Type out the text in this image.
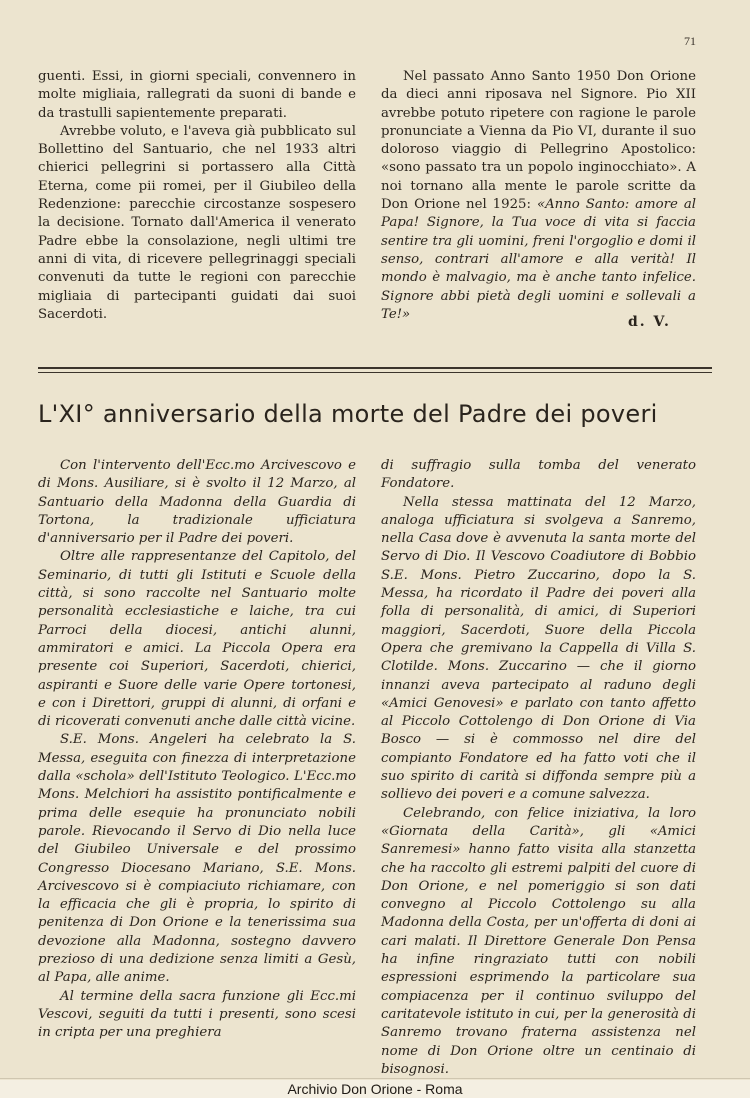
71

guenti. Essi, in giorni speciali, convennero in molte migliaia, rallegrati da suoni di bande e da trastulli sapientemente preparati.

Avrebbe voluto, e l'aveva già pubblicato sul Bollettino del Santuario, che nel 1933 altri chierici pellegrini si portassero alla Città Eterna, come pii romei, per il Giubileo della Redenzione: parecchie circostanze sospesero la decisione. Tornato dall'America il venerato Padre ebbe la consolazione, negli ultimi tre anni di vita, di ricevere pellegrinaggi speciali convenuti da tutte le regioni con parecchie migliaia di partecipanti guidati dai suoi Sacerdoti.

Nel passato Anno Santo 1950 Don Orione da dieci anni riposava nel Signore. Pio XII avrebbe potuto ripetere con ragione le parole pronunciate a Vienna da Pio VI, durante il suo doloroso viaggio di Pellegrino Apostolico: «sono passato tra un popolo inginocchiato». A noi tornano alla mente le parole scritte da Don Orione nel 1925: «Anno Santo: amore al Papa! Signore, la Tua voce di vita si faccia sentire tra gli uomini, freni l'orgoglio e domi il senso, contrari all'amore e alla verità! Il mondo è malvagio, ma è anche tanto infelice. Signore abbi pietà degli uomini e sollevali a Te!»	d. V.
L'XI° anniversario della morte del Padre dei poveri

Con l'intervento dell'Ecc.mo Arcivescovo e di Mons. Ausiliare, si è svolto il 12 Marzo, al Santuario della Madonna della Guardia di Tortona, la tradizionale ufficiatura d'anniversario per il Padre dei poveri.

Oltre alle rappresentanze del Capitolo, del Seminario, di tutti gli Istituti e Scuole della città, si sono raccolte nel Santuario molte personalità ecclesiastiche e laiche, tra cui Parroci della diocesi, antichi alunni, ammiratori e amici. La Piccola Opera era presente coi Superiori, Sacerdoti, chierici, aspiranti e Suore delle varie Opere tortonesi, e con i Direttori, gruppi di alunni, di orfani e di ricoverati convenuti anche dalle città vicine.

S.E. Mons. Angeleri ha celebrato la S. Messa, eseguita con finezza di interpretazione dalla «schola» dell'Istituto Teologico. L'Ecc.mo Mons. Melchiori ha assistito pontificalmente e prima delle esequie ha pronunciato nobili parole. Rievocando il Servo di Dio nella luce del Giubileo Universale e del prossimo Congresso Diocesano Mariano, S.E. Mons. Arcivescovo si è compiaciuto richiamare, con la efficacia che gli è propria, lo spirito di penitenza di Don Orione e la tenerissima sua devozione alla Madonna, sostegno davvero prezioso di una dedizione senza limiti a Gesù, al Papa, alle anime.

Al termine della sacra funzione gli Ecc.mi Vescovi, seguiti da tutti i presenti, sono scesi in cripta per una preghiera

di suffragio sulla tomba del venerato Fondatore.

Nella stessa mattinata del 12 Marzo, analoga ufficiatura si svolgeva a Sanremo, nella Casa dove è avvenuta la santa morte del Servo di Dio. Il Vescovo Coadiutore di Bobbio S.E. Mons. Pietro Zuccarino, dopo la S. Messa, ha ricordato il Padre dei poveri alla folla di personalità, di amici, di Superiori maggiori, Sacerdoti, Suore della Piccola Opera che gremivano la Cappella di Villa S. Clotilde. Mons. Zuccarino — che il giorno innanzi aveva partecipato al raduno degli «Amici Genovesi» e parlato con tanto affetto al Piccolo Cottolengo di Don Orione di Via Bosco — si è commosso nel dire del compianto Fondatore ed ha fatto voti che il suo spirito di carità si diffonda sempre più a sollievo dei poveri e a comune salvezza.

Celebrando, con felice iniziativa, la loro «Giornata della Carità», gli «Amici Sanremesi» hanno fatto visita alla stanzetta che ha raccolto gli estremi palpiti del cuore di Don Orione, e nel pomeriggio si son dati convegno al Piccolo Cottolengo su alla Madonna della Costa, per un'offerta di doni ai cari malati. Il Direttore Generale Don Pensa ha infine ringraziato tutti con nobili espressioni esprimendo la particolare sua compiacenza per il continuo sviluppo del caritatevole istituto in cui, per la generosità di Sanremo trovano fraterna assistenza nel nome di Don Orione oltre un centinaio di bisognosi.

Archivio Don Orione - Roma
